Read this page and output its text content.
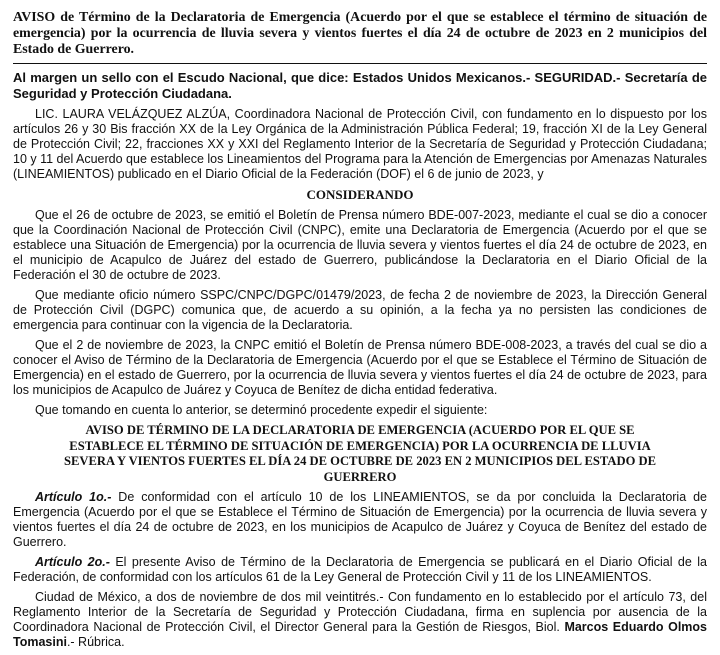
AVISO de Término de la Declaratoria de Emergencia (Acuerdo por el que se establece el término de situación de emergencia) por la ocurrencia de lluvia severa y vientos fuertes el día 24 de octubre de 2023 en 2 municipios del Estado de Guerrero.

Al margen un sello con el Escudo Nacional, que dice: Estados Unidos Mexicanos.- SEGURIDAD.- Secretaría de Seguridad y Protección Ciudadana.

LIC. LAURA VELÁZQUEZ ALZÚA, Coordinadora Nacional de Protección Civil, con fundamento en lo dispuesto por los artículos 26 y 30 Bis fracción XX de la Ley Orgánica de la Administración Pública Federal; 19, fracción XI de la Ley General de Protección Civil; 22, fracciones XX y XXI del Reglamento Interior de la Secretaría de Seguridad y Protección Ciudadana; 10 y 11 del Acuerdo que establece los Lineamientos del Programa para la Atención de Emergencias por Amenazas Naturales (LINEAMIENTOS) publicado en el Diario Oficial de la Federación (DOF) el 6 de junio de 2023, y

CONSIDERANDO

Que el 26 de octubre de 2023, se emitió el Boletín de Prensa número BDE-007-2023, mediante el cual se dio a conocer que la Coordinación Nacional de Protección Civil (CNPC), emite una Declaratoria de Emergencia (Acuerdo por el que se establece una Situación de Emergencia) por la ocurrencia de lluvia severa y vientos fuertes el día 24 de octubre de 2023, en el municipio de Acapulco de Juárez del estado de Guerrero, publicándose la Declaratoria en el Diario Oficial de la Federación el 30 de octubre de 2023.

Que mediante oficio número SSPC/CNPC/DGPC/01479/2023, de fecha 2 de noviembre de 2023, la Dirección General de Protección Civil (DGPC) comunica que, de acuerdo a su opinión, a la fecha ya no persisten las condiciones de emergencia para continuar con la vigencia de la Declaratoria.

Que el 2 de noviembre de 2023, la CNPC emitió el Boletín de Prensa número BDE-008-2023, a través del cual se dio a conocer el Aviso de Término de la Declaratoria de Emergencia (Acuerdo por el que se Establece el Término de Situación de Emergencia) en el estado de Guerrero, por la ocurrencia de lluvia severa y vientos fuertes el día 24 de octubre de 2023, para los municipios de Acapulco de Juárez y Coyuca de Benítez de dicha entidad federativa.

Que tomando en cuenta lo anterior, se determinó procedente expedir el siguiente:

AVISO DE TÉRMINO DE LA DECLARATORIA DE EMERGENCIA (ACUERDO POR EL QUE SE ESTABLECE EL TÉRMINO DE SITUACIÓN DE EMERGENCIA) POR LA OCURRENCIA DE LLUVIA SEVERA Y VIENTOS FUERTES EL DÍA 24 DE OCTUBRE DE 2023 EN 2 MUNICIPIOS DEL ESTADO DE GUERRERO

Artículo 1o.- De conformidad con el artículo 10 de los LINEAMIENTOS, se da por concluida la Declaratoria de Emergencia (Acuerdo por el que se Establece el Término de Situación de Emergencia) por la ocurrencia de lluvia severa y vientos fuertes el día 24 de octubre de 2023, en los municipios de Acapulco de Juárez y Coyuca de Benítez del estado de Guerrero.

Artículo 2o.- El presente Aviso de Término de la Declaratoria de Emergencia se publicará en el Diario Oficial de la Federación, de conformidad con los artículos 61 de la Ley General de Protección Civil y 11 de los LINEAMIENTOS.

Ciudad de México, a dos de noviembre de dos mil veintitrés.- Con fundamento en lo establecido por el artículo 73, del Reglamento Interior de la Secretaría de Seguridad y Protección Ciudadana, firma en suplencia por ausencia de la Coordinadora Nacional de Protección Civil, el Director General para la Gestión de Riesgos, Biol. Marcos Eduardo Olmos Tomasini.- Rúbrica.
